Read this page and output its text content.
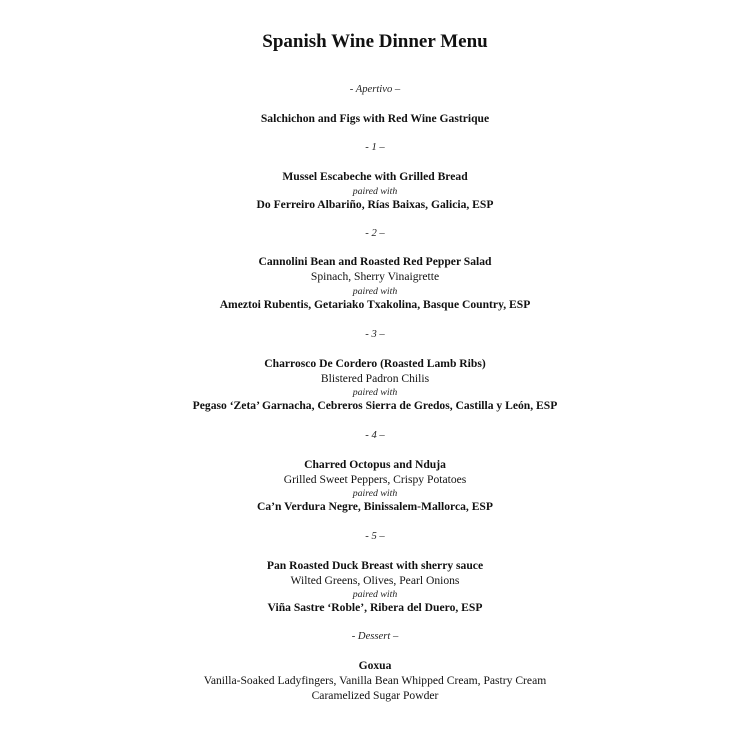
Spanish Wine Dinner Menu
- Apertivo –
Salchichon and Figs with Red Wine Gastrique
- 1 –
Mussel Escabeche with Grilled Bread
paired with
Do Ferreiro Albariño, Rías Baixas, Galicia, ESP
- 2 –
Cannolini Bean and Roasted Red Pepper Salad
Spinach, Sherry Vinaigrette
paired with
Ameztoi Rubentis, Getariako Txakolina, Basque Country, ESP
- 3 –
Charrosco De Cordero (Roasted Lamb Ribs)
Blistered Padron Chilis
paired with
Pegaso ‘Zeta’ Garnacha, Cebreros Sierra de Gredos, Castilla y León, ESP
- 4 –
Charred Octopus and Nduja
Grilled Sweet Peppers, Crispy Potatoes
paired with
Ca’n Verdura Negre, Binissalem-Mallorca, ESP
- 5 –
Pan Roasted Duck Breast with sherry sauce
Wilted Greens, Olives, Pearl Onions
paired with
Viña Sastre ‘Roble’, Ribera del Duero, ESP
- Dessert –
Goxua
Vanilla-Soaked Ladyfingers, Vanilla Bean Whipped Cream, Pastry Cream
Caramelized Sugar Powder
